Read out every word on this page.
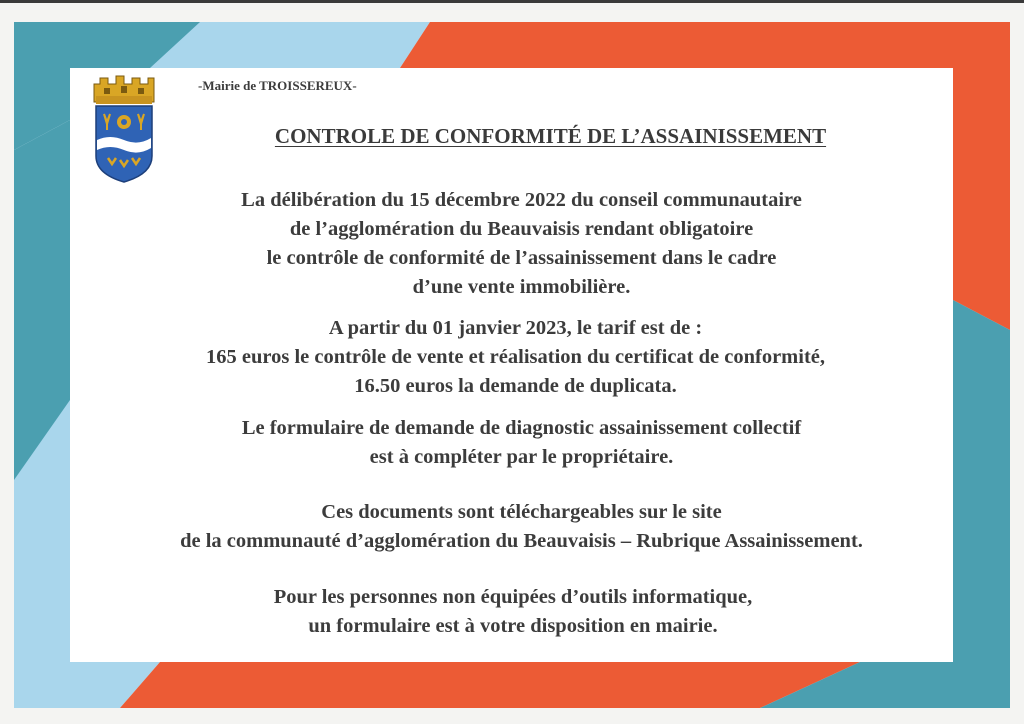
-Mairie de TROISSEREUX-
CONTROLE DE CONFORMITÉ DE L’ASSAINISSEMENT
La délibération du 15 décembre 2022 du conseil communautaire
de l’agglomération du Beauvaisis rendant obligatoire
le contrôle de conformité de l’assainissement dans le cadre
d’une vente immobilière.
A partir du 01 janvier 2023, le tarif est de :
165 euros le contrôle de vente et réalisation du certificat de conformité,
16.50 euros la demande de duplicata.
Le formulaire de demande de diagnostic assainissement collectif
est à compléter par le propriétaire.
Ces documents sont téléchargeables sur le site
de la communauté d’agglomération du Beauvaisis – Rubrique Assainissement.
Pour les personnes non équipées d’outils informatique,
un formulaire est à votre disposition en mairie.
